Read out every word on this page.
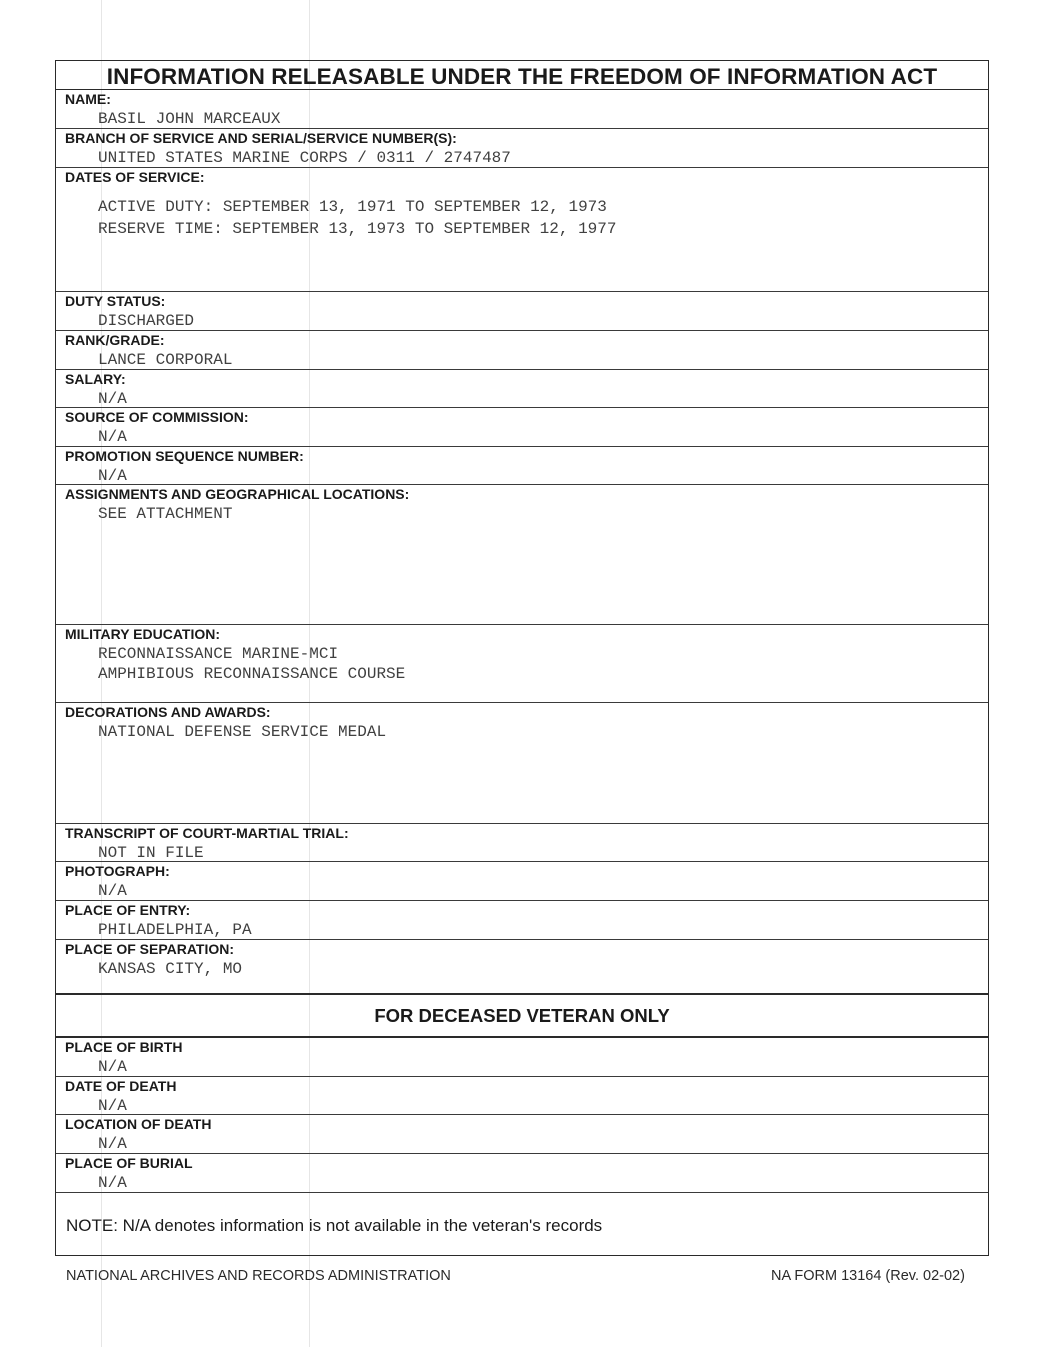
INFORMATION RELEASABLE UNDER THE FREEDOM OF INFORMATION ACT
NAME:
BASIL JOHN MARCEAUX
BRANCH OF SERVICE AND SERIAL/SERVICE NUMBER(S):
UNITED STATES MARINE CORPS / 0311 / 2747487
DATES OF SERVICE:
ACTIVE DUTY: SEPTEMBER 13, 1971 TO SEPTEMBER 12, 1973
RESERVE TIME: SEPTEMBER 13, 1973 TO SEPTEMBER 12, 1977
DUTY STATUS:
DISCHARGED
RANK/GRADE:
LANCE CORPORAL
SALARY:
N/A
SOURCE OF COMMISSION:
N/A
PROMOTION SEQUENCE NUMBER:
N/A
ASSIGNMENTS AND GEOGRAPHICAL LOCATIONS:
SEE ATTACHMENT
MILITARY EDUCATION:
RECONNAISSANCE MARINE-MCI
AMPHIBIOUS RECONNAISSANCE COURSE
DECORATIONS AND AWARDS:
NATIONAL DEFENSE SERVICE MEDAL
TRANSCRIPT OF COURT-MARTIAL TRIAL:
NOT IN FILE
PHOTOGRAPH:
N/A
PLACE OF ENTRY:
PHILADELPHIA, PA
PLACE OF SEPARATION:
KANSAS CITY, MO
FOR DECEASED VETERAN ONLY
PLACE OF BIRTH
N/A
DATE OF DEATH
N/A
LOCATION OF DEATH
N/A
PLACE OF BURIAL
N/A
NOTE: N/A denotes information is not available in the veteran's records
NATIONAL ARCHIVES AND RECORDS ADMINISTRATION	NA FORM 13164 (Rev. 02-02)
